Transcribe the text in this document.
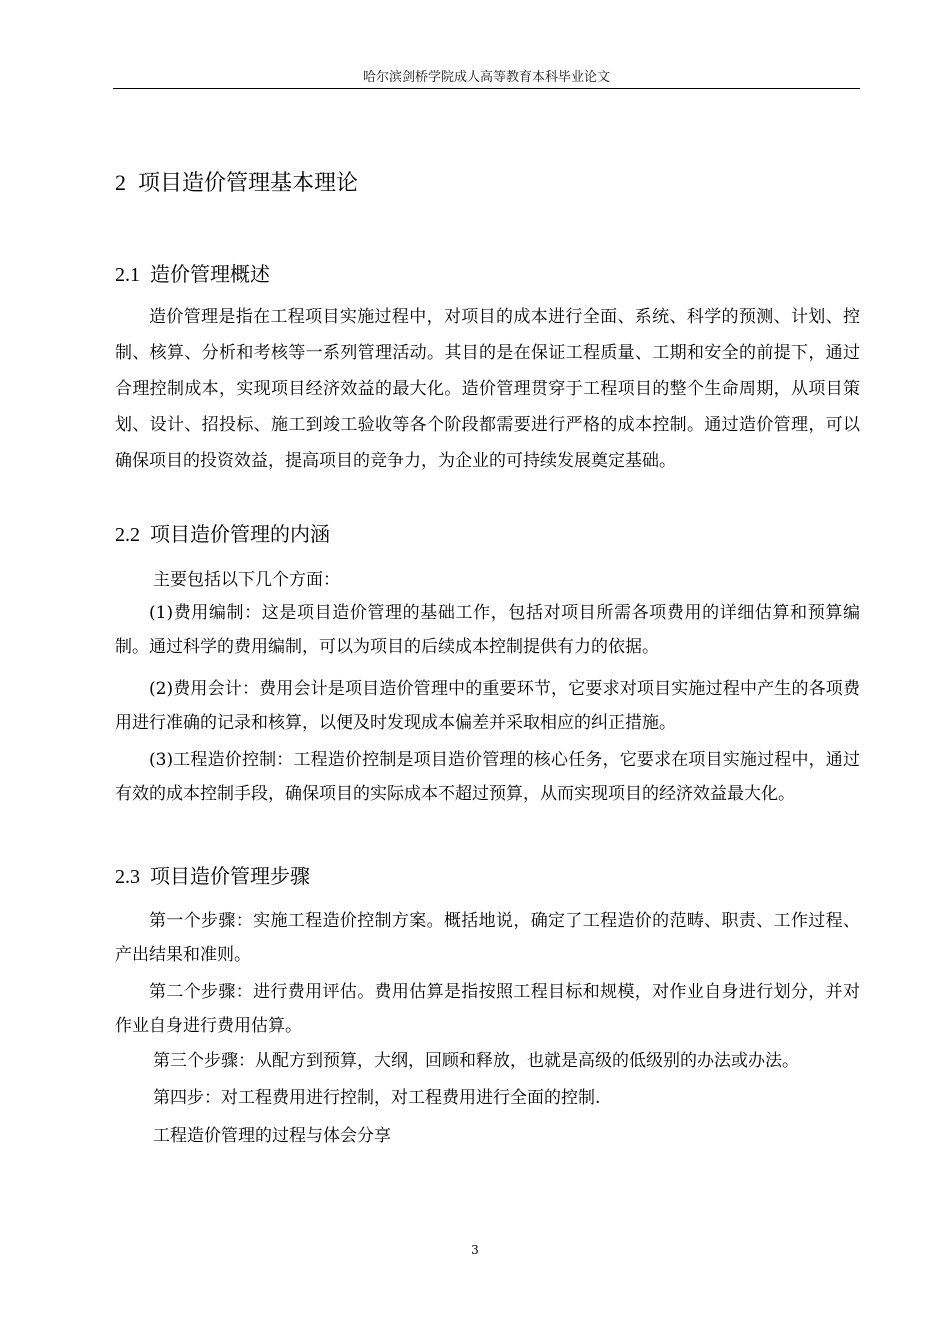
哈尔滨剑桥学院成人高等教育本科毕业论文
2 项目造价管理基本理论
2.1 造价管理概述
造价管理是指在工程项目实施过程中，对项目的成本进行全面、系统、科学的预测、计划、控制、核算、分析和考核等一系列管理活动。其目的是在保证工程质量、工期和安全的前提下，通过合理控制成本，实现项目经济效益的最大化。造价管理贯穿于工程项目的整个生命周期，从项目策划、设计、招投标、施工到竣工验收等各个阶段都需要进行严格的成本控制。通过造价管理，可以确保项目的投资效益，提高项目的竞争力，为企业的可持续发展奠定基础。
2.2 项目造价管理的内涵
主要包括以下几个方面：
(1)费用编制：这是项目造价管理的基础工作，包括对项目所需各项费用的详细估算和预算编制。通过科学的费用编制，可以为项目的后续成本控制提供有力的依据。
(2)费用会计：费用会计是项目造价管理中的重要环节，它要求对项目实施过程中产生的各项费用进行准确的记录和核算，以便及时发现成本偏差并采取相应的纠正措施。
(3)工程造价控制：工程造价控制是项目造价管理的核心任务，它要求在项目实施过程中，通过有效的成本控制手段，确保项目的实际成本不超过预算，从而实现项目的经济效益最大化。
2.3 项目造价管理步骤
第一个步骤：实施工程造价控制方案。概括地说，确定了工程造价的范畴、职责、工作过程、产出结果和准则。
第二个步骤：进行费用评估。费用估算是指按照工程目标和规模，对作业自身进行划分，并对作业自身进行费用估算。
第三个步骤：从配方到预算，大纲，回顾和释放，也就是高级的低级别的办法或办法。
第四步：对工程费用进行控制，对工程费用进行全面的控制.
工程造价管理的过程与体会分享
3
